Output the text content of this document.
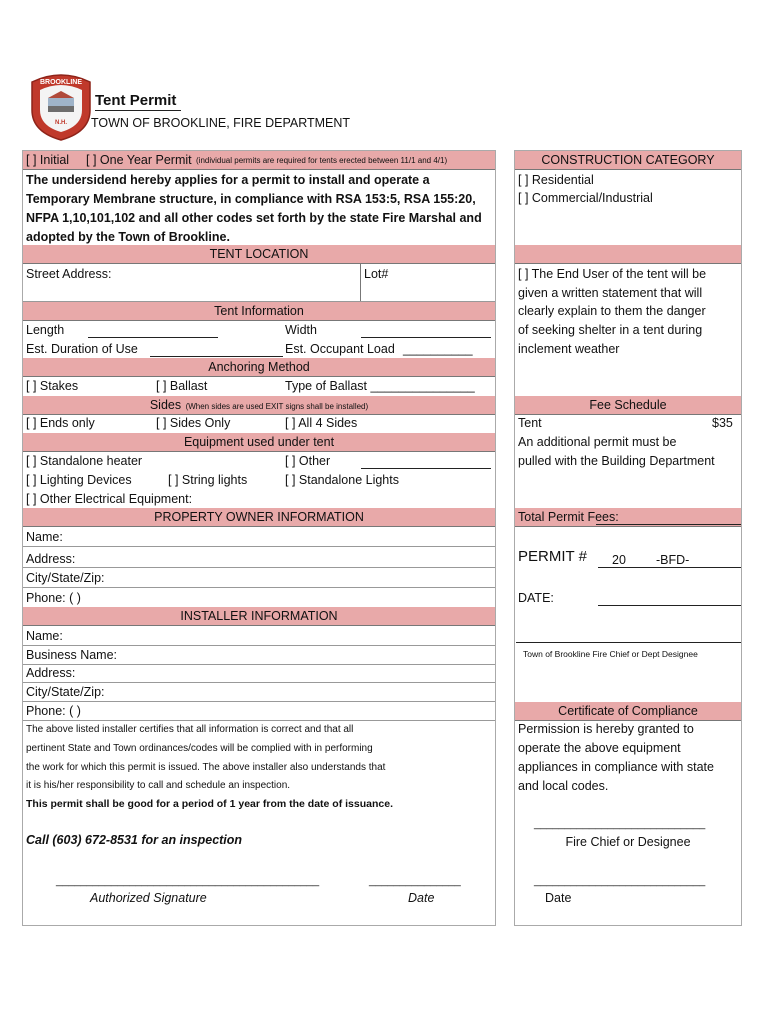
BROOKLINE
N.H.
Tent Permit
TOWN OF BROOKLINE, FIRE DEPARTMENT
[ ] Initial [ ] One Year Permit (individual permits are required for tents erected between 11/1 and 4/1)
The undersidend hereby applies for a permit to install and operate a
Temporary Membrane structure, in compliance with RSA 153:5, RSA 155:20,
NFPA 1,10,101,102 and all other codes set forth by the state Fire Marshal and
adopted by the Town of Brookline.
TENT LOCATION
Street Address:	Lot#
Tent Information
Length	Width
Est. Duration of Use	Est. Occupant Load __________
Anchoring Method
[ ] Stakes	[ ] Ballast	Type of Ballast _______________
Sides (When sides are used EXIT signs shall be installed)
[ ] Ends only	[ ] Sides Only	[ ] All 4 Sides
Equipment used under tent
[ ] Standalone heater	[ ] Other
[ ] Lighting Devices	[ ] String lights	[ ] Standalone Lights
[ ] Other Electrical Equipment:
PROPERTY OWNER INFORMATION
Name:
Address:
City/State/Zip:
Phone: ( )
INSTALLER INFORMATION
Name:
Business Name:
Address:
City/State/Zip:
Phone: ( )
The above listed installer certifies that all information is correct and that all
pertinent State and Town ordinances/codes will be complied with in performing
the work for which this permit is issued. The above installer also understands that
it is his/her responsibility to call and schedule an inspection.
This permit shall be good for a period of 1 year from the date of issuance.
Call (603) 672-8531 for an inspection
___________________________________________	_______________
Authorized Signature	Date
CONSTRUCTION CATEGORY
[ ] Residential
[ ] Commercial/Industrial
[ ] The End User of the tent will be
given a written statement that will
clearly explain to them the danger
of seeking shelter in a tent during
inclement weather
Fee Schedule
Tent	$35
An additional permit must be
pulled with the Building Department
Total Permit Fees:
PERMIT # 20 -BFD-
DATE:
Town of Brookline Fire Chief or Dept Designee
Certificate of Compliance
Permission is hereby granted to
operate the above equipment
appliances in compliance with state
and local codes.
____________________________
Fire Chief or Designee
____________________________
Date
